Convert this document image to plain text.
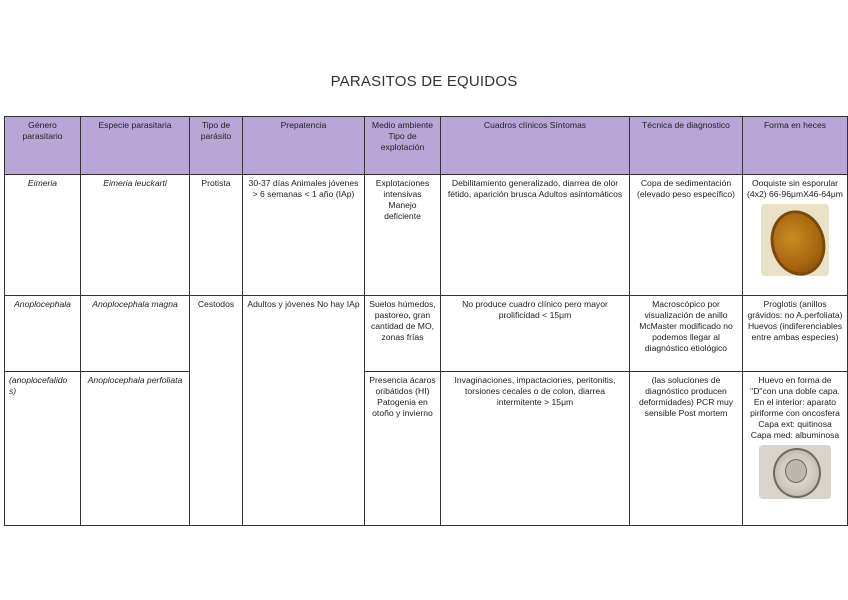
PARASITOS DE EQUIDOS
Género parasitario	Especie parasitaria	Tipo de parásito	Prepatencia	Medio ambiente Tipo de explotación	Cuadros clínicos Síntomas	Técnica de diagnostico	Forma en heces
Eimeria	Eimeria leuckarti	Protista	30-37 días Animales jóvenes > 6 semanas < 1 año (IAp)	Explotaciones intensivas Manejo deficiente	Debilitamiento generalizado, diarrea de olor fétido, aparición brusca Adultos asintomáticos	Copa de sedimentación (elevado peso específico)	Ooquiste sin esporular (4x2) 66-96μmX46-64μm

Anoplocephala	Anoplocephala magna	Cestodos	Adultos y jóvenes No hay IAp	Suelos húmedos, pastoreo, gran cantidad de MO, zonas frías	No produce cuadro clínico pero mayor prolificidad < 15μm	Macroscópico por visualización de anillo McMaster modificado no podemos llegar al diagnóstico etiológico	Proglotis (anillos grávidos: no A.perfoliata) Huevos (indiferenciables entre ambas especies)
(anoplocefalido s)	Anoplocephala perfoliata			Presencia ácaros oribátidos (HI) Patogenia en otoño y invierno	Invaginaciones, impactaciones, peritonitis, torsiones cecales o de colon, diarrea intermitente > 15μm	(las soluciones de diagnóstico producen deformidades) PCR muy sensible Post mortem	Huevo en forma de "D"con una doble capa. En el interior: aparato piriforme con oncosfera Capa ext: quitinosa Capa med: albuminosa
